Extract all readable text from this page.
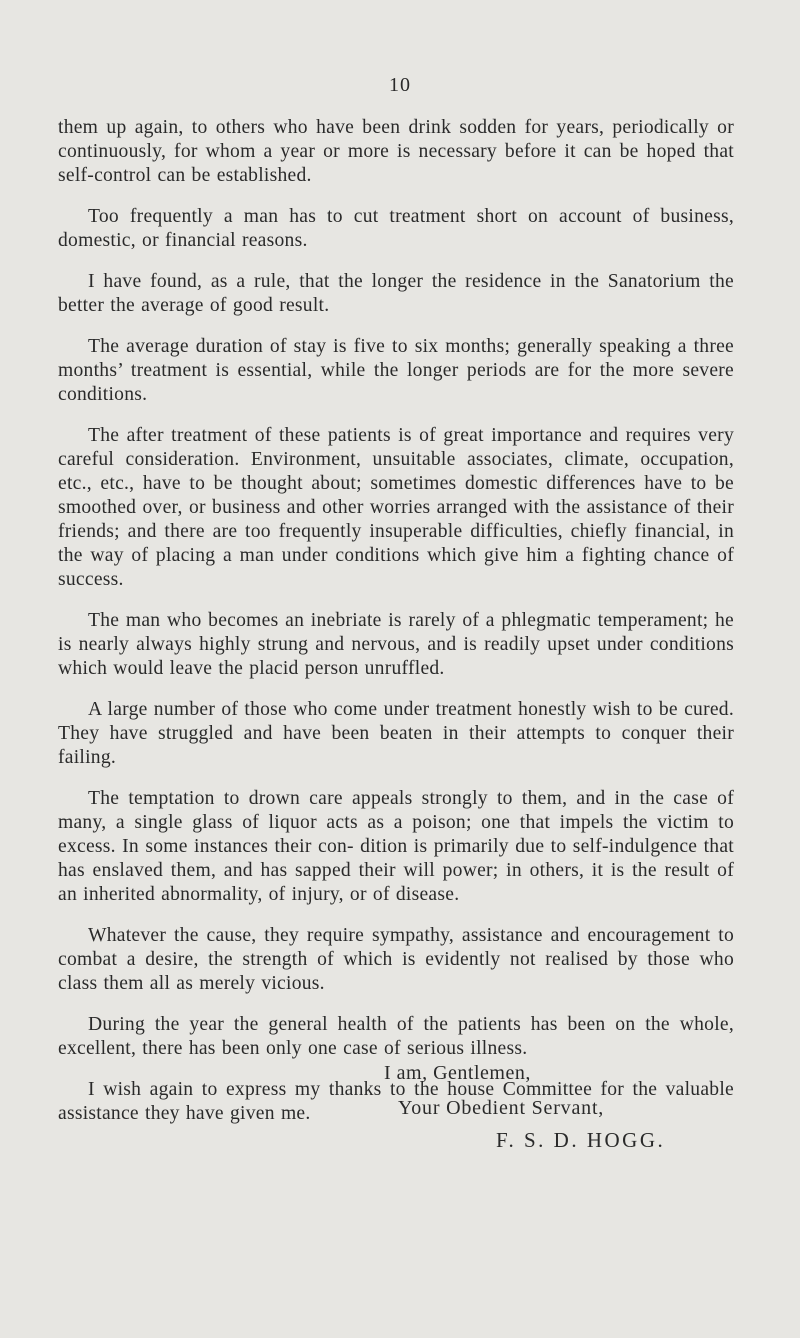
10

them up again, to others who have been drink sodden for years, periodically or continuously, for whom a year or more is necessary before it can be hoped that self-control can be established.

Too frequently a man has to cut treatment short on account of business, domestic, or financial reasons.

I have found, as a rule, that the longer the residence in the Sanatorium the better the average of good result.

The average duration of stay is five to six months; generally speaking a three months’ treatment is essential, while the longer periods are for the more severe conditions.

The after treatment of these patients is of great importance and requires very careful consideration. Environment, unsuitable associates, climate, occupation, etc., etc., have to be thought about; sometimes domestic differences have to be smoothed over, or business and other worries arranged with the assistance of their friends; and there are too frequently insuperable difficulties, chiefly financial, in the way of placing a man under conditions which give him a fighting chance of success.

The man who becomes an inebriate is rarely of a phlegmatic temperament; he is nearly always highly strung and nervous, and is readily upset under conditions which would leave the placid person unruffled.

A large number of those who come under treatment honestly wish to be cured. They have struggled and have been beaten in their attempts to conquer their failing.

The temptation to drown care appeals strongly to them, and in the case of many, a single glass of liquor acts as a poison; one that impels the victim to excess. In some instances their con- dition is primarily due to self-indulgence that has enslaved them, and has sapped their will power; in others, it is the result of an inherited abnormality, of injury, or of disease.

Whatever the cause, they require sympathy, assistance and encouragement to combat a desire, the strength of which is evidently not realised by those who class them all as merely vicious.

During the year the general health of the patients has been on the whole, excellent, there has been only one case of serious illness.

I wish again to express my thanks to the house Committee for the valuable assistance they have given me.

I am, Gentlemen,
Your Obedient Servant,
F. S. D. HOGG.
